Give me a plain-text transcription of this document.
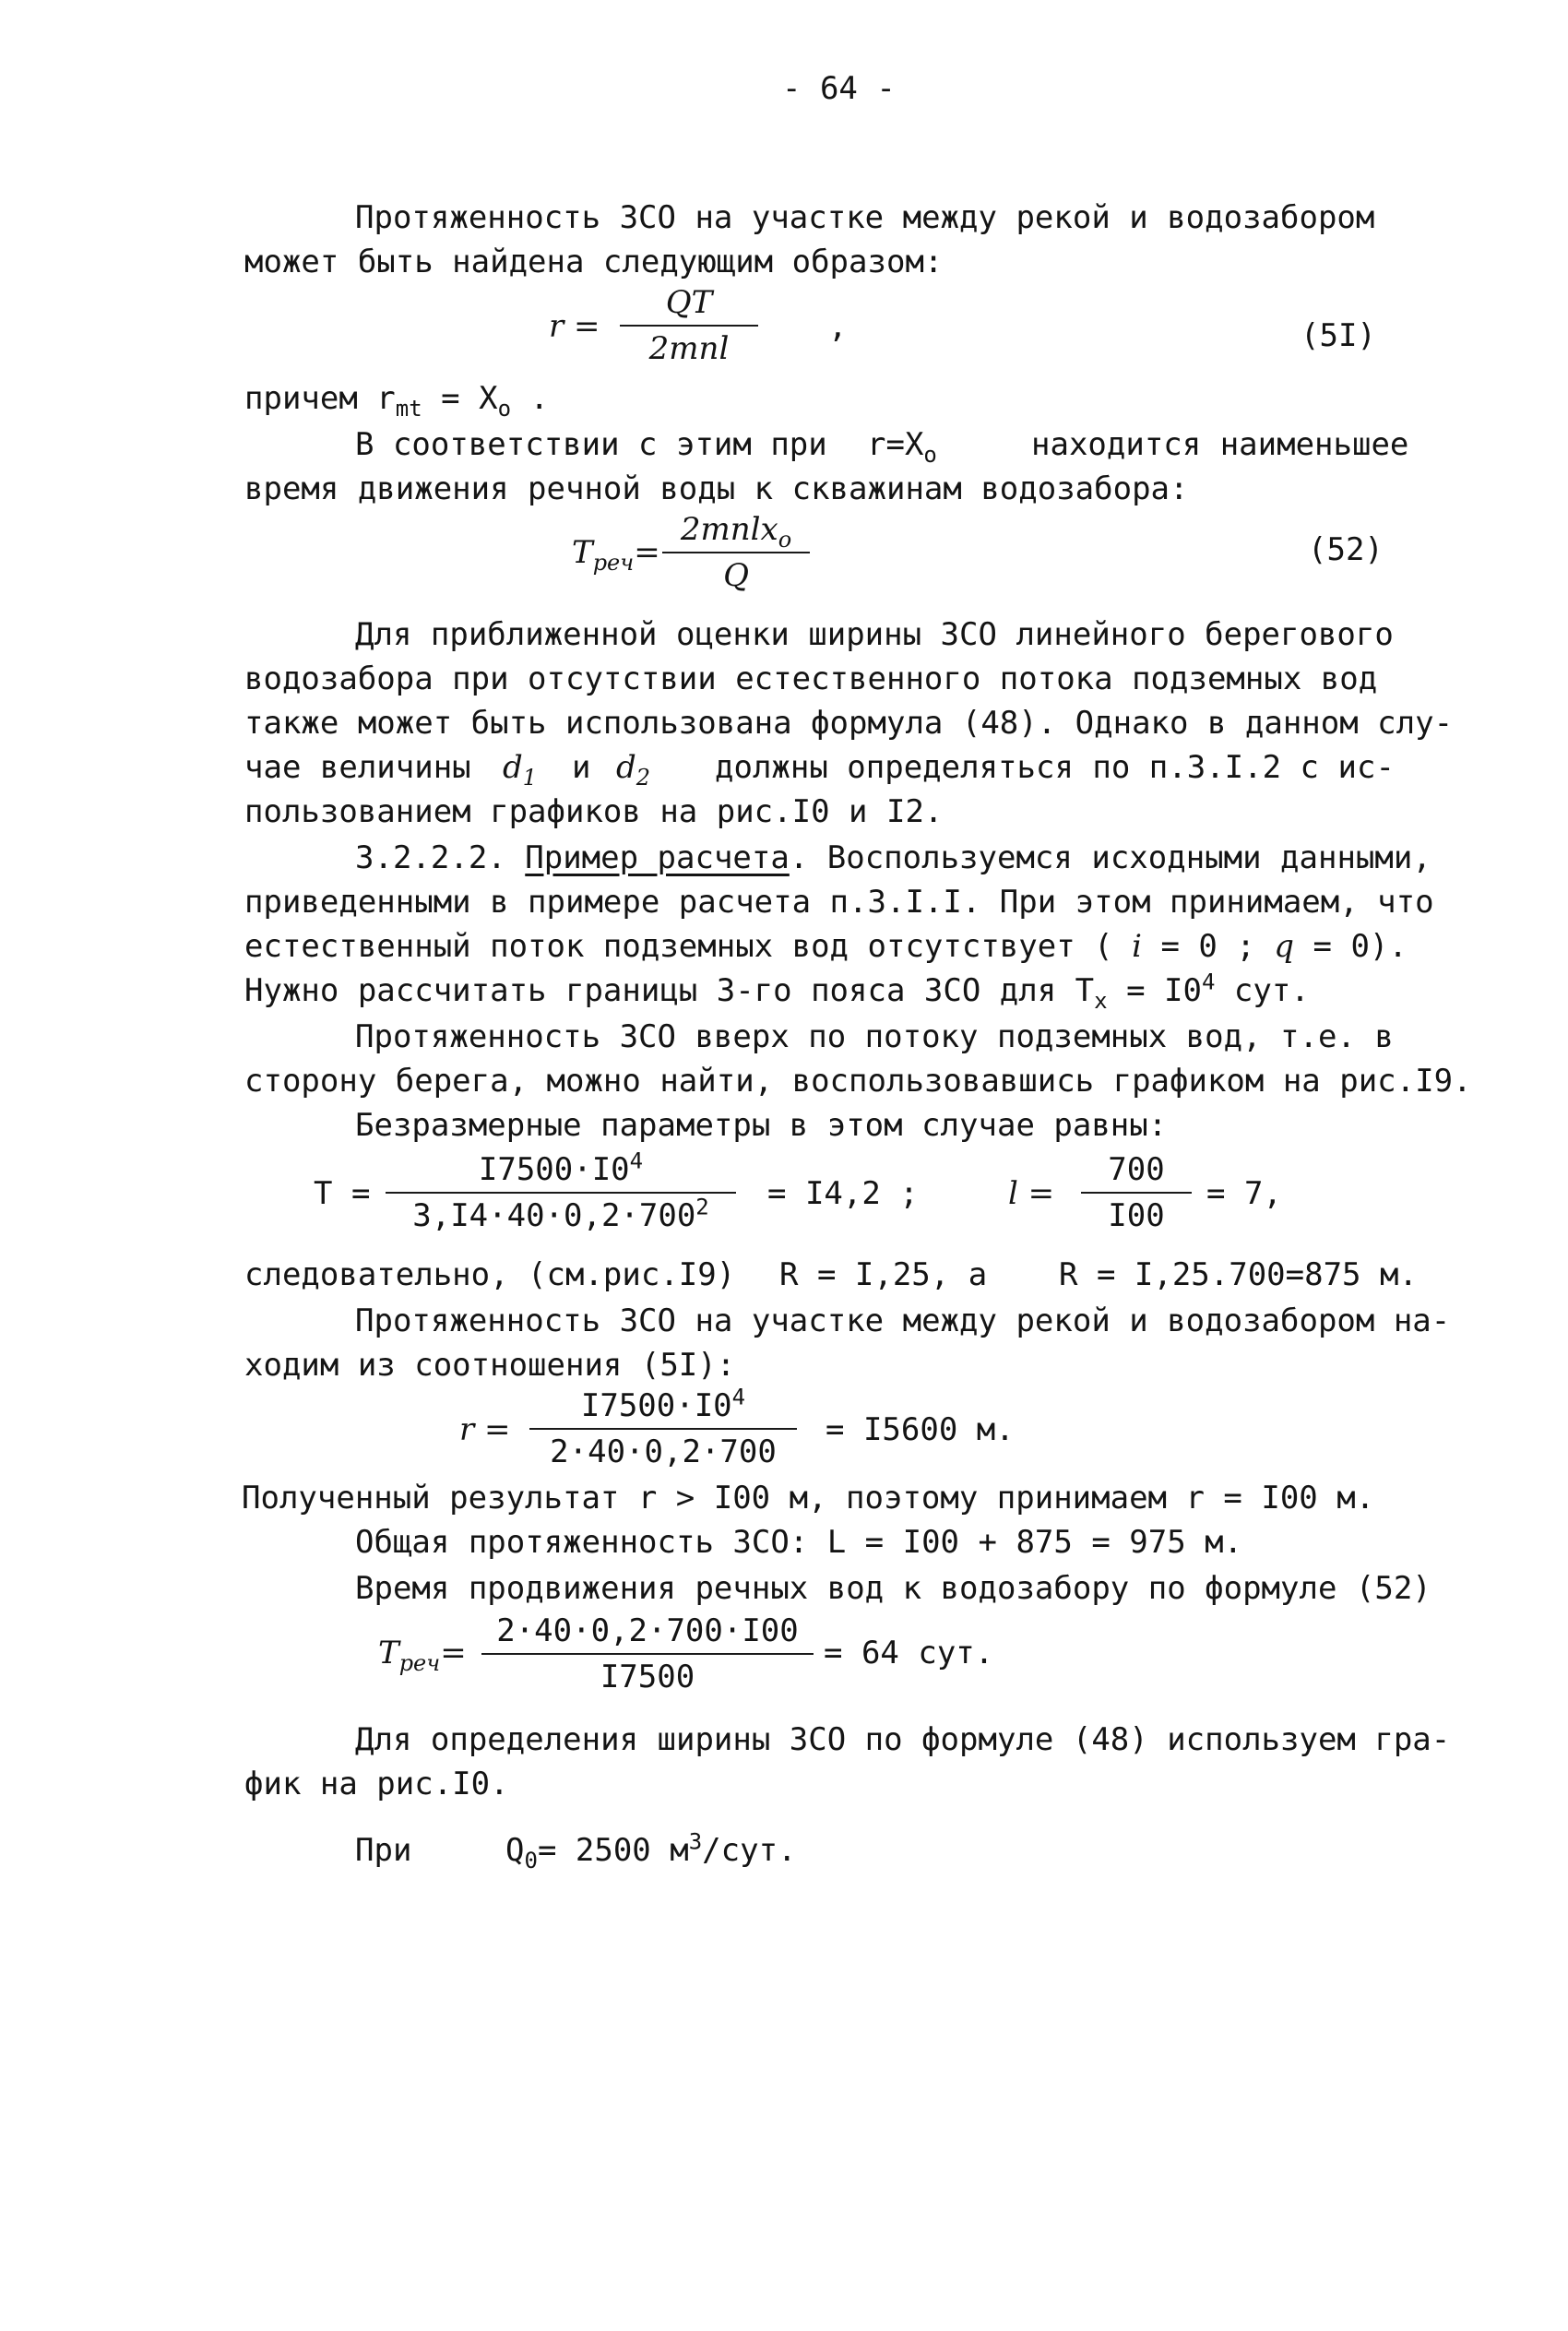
- 64 -
Протяженность ЗСО на участке между рекой и водозабором
может быть найдена следующим образом:
r =
QT
2mnl
,	(5I)
причем $r_{mt} = X_o$ .
В соответствии с этим при $r=X_o$	находится наименьшее
время движения речной воды к скважинам водозабора:
$T_{реч}=$
2mnlx$_o$
Q
(52)
Для приближенной оценки ширины ЗСО линейного берегового
водозабора при отсутствии естественного потока подземных вод
также может быть использована формула (48). Однако в данном слу-
чае величины $d_1$ и $d_2$ должны определяться по п.3.I.2 с ис-
пользованием графиков на рис.I0 и I2.
3.2.2.2. Пример расчета. Воспользуемся исходными данными,
приведенными в примере расчета п.3.I.I. При этом принимаем, что
естественный поток подземных вод отсутствует ( i = 0 ; q = 0).
Нужно рассчитать границы 3-го пояса ЗСО для $T_x = I0^4$ сут.
Протяженность ЗСО вверх по потоку подземных вод, т.е. в
сторону берега, можно найти, воспользовавшись графиком на рис.I9.
Безразмерные параметры в этом случае равны:
T =
$I7500\cdot I0^4$
$3,I4\cdot 40\cdot 0,2\cdot 700^2$	= I4,2 ;	l =
700
I00
= 7,
следовательно, (см.рис.I9) R = I,25, а R = I,25.700=875 м.
Протяженность ЗСО на участке между рекой и водозабором на-
ходим из соотношения (5I):
r =
$I7500\cdot I0^4$
2·40·0,2·700
= I5600 м.
Полученный результат r > I00 м, поэтому принимаем r = I00 м.
Общая протяженность ЗСО: L = I00 + 875 = 975 м.
Время продвижения речных вод к водозабору по формуле (52)
$T_{реч}=$
2·40·0,2·700·I00
I7500
= 64 сут.
Для определения ширины ЗСО по формуле (48) используем гра-
фик на рис.I0.
При	$Q_0= 2500$ $м^3$/сут.
